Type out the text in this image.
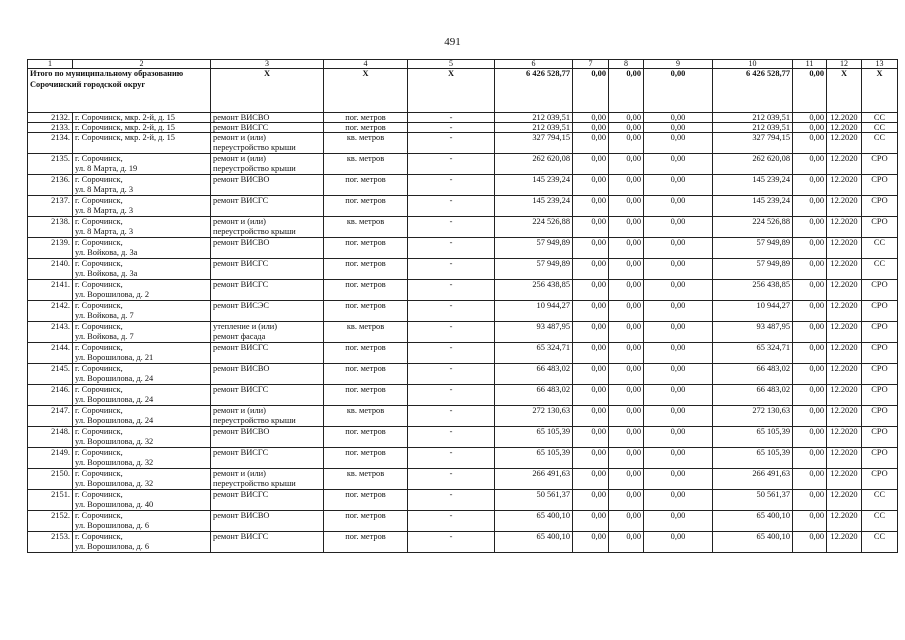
491
1	2	3	4	5	6	7	8	9	10	11	12	13
Итого по муниципальному образованию Сорочинский городской округ		X	X	X	6 426 528,77	0,00	0,00	0,00	6 426 528,77	0,00	X	X
2132.	г. Сорочинск, мкр. 2-й, д. 15	ремонт ВИСВО	пог. метров	-	212 039,51	0,00	0,00	0,00	212 039,51	0,00	12.2020	СС
2133.	г. Сорочинск, мкр. 2-й, д. 15	ремонт ВИСГС	пог. метров	-	212 039,51	0,00	0,00	0,00	212 039,51	0,00	12.2020	СС
2134.	г. Сорочинск, мкр. 2-й, д. 15	ремонт и (или)
переустройство крыши	кв. метров	-	327 794,15	0,00	0,00	0,00	327 794,15	0,00	12.2020	СС
2135.	г. Сорочинск,
ул. 8 Марта, д. 19	ремонт и (или)
переустройство крыши	кв. метров	-	262 620,08	0,00	0,00	0,00	262 620,08	0,00	12.2020	СРО
2136.	г. Сорочинск,
ул. 8 Марта, д. 3	ремонт ВИСВО	пог. метров	-	145 239,24	0,00	0,00	0,00	145 239,24	0,00	12.2020	СРО
2137.	г. Сорочинск,
ул. 8 Марта, д. 3	ремонт ВИСГС	пог. метров	-	145 239,24	0,00	0,00	0,00	145 239,24	0,00	12.2020	СРО
2138.	г. Сорочинск,
ул. 8 Марта, д. 3	ремонт и (или)
переустройство крыши	кв. метров	-	224 526,88	0,00	0,00	0,00	224 526,88	0,00	12.2020	СРО
2139.	г. Сорочинск,
ул. Войкова, д. 3а	ремонт ВИСВО	пог. метров	-	57 949,89	0,00	0,00	0,00	57 949,89	0,00	12.2020	СС
2140.	г. Сорочинск,
ул. Войкова, д. 3а	ремонт ВИСГС	пог. метров	-	57 949,89	0,00	0,00	0,00	57 949,89	0,00	12.2020	СС
2141.	г. Сорочинск,
ул. Ворошилова, д. 2	ремонт ВИСГС	пог. метров	-	256 438,85	0,00	0,00	0,00	256 438,85	0,00	12.2020	СРО
2142.	г. Сорочинск,
ул. Войкова, д. 7	ремонт ВИСЭС	пог. метров	-	10 944,27	0,00	0,00	0,00	10 944,27	0,00	12.2020	СРО
2143.	г. Сорочинск,
ул. Войкова, д. 7	утепление и (или)
ремонт фасада	кв. метров	-	93 487,95	0,00	0,00	0,00	93 487,95	0,00	12.2020	СРО
2144.	г. Сорочинск,
ул. Ворошилова, д. 21	ремонт ВИСГС	пог. метров	-	65 324,71	0,00	0,00	0,00	65 324,71	0,00	12.2020	СРО
2145.	г. Сорочинск,
ул. Ворошилова, д. 24	ремонт ВИСВО	пог. метров	-	66 483,02	0,00	0,00	0,00	66 483,02	0,00	12.2020	СРО
2146.	г. Сорочинск,
ул. Ворошилова, д. 24	ремонт ВИСГС	пог. метров	-	66 483,02	0,00	0,00	0,00	66 483,02	0,00	12.2020	СРО
2147.	г. Сорочинск,
ул. Ворошилова, д. 24	ремонт и (или)
переустройство крыши	кв. метров	-	272 130,63	0,00	0,00	0,00	272 130,63	0,00	12.2020	СРО
2148.	г. Сорочинск,
ул. Ворошилова, д. 32	ремонт ВИСВО	пог. метров	-	65 105,39	0,00	0,00	0,00	65 105,39	0,00	12.2020	СРО
2149.	г. Сорочинск,
ул. Ворошилова, д. 32	ремонт ВИСГС	пог. метров	-	65 105,39	0,00	0,00	0,00	65 105,39	0,00	12.2020	СРО
2150.	г. Сорочинск,
ул. Ворошилова, д. 32	ремонт и (или)
переустройство крыши	кв. метров	-	266 491,63	0,00	0,00	0,00	266 491,63	0,00	12.2020	СРО
2151.	г. Сорочинск,
ул. Ворошилова, д. 40	ремонт ВИСГС	пог. метров	-	50 561,37	0,00	0,00	0,00	50 561,37	0,00	12.2020	СС
2152.	г. Сорочинск,
ул. Ворошилова, д. 6	ремонт ВИСВО	пог. метров	-	65 400,10	0,00	0,00	0,00	65 400,10	0,00	12.2020	СС
2153.	г. Сорочинск,
ул. Ворошилова, д. 6	ремонт ВИСГС	пог. метров	-	65 400,10	0,00	0,00	0,00	65 400,10	0,00	12.2020	СС
